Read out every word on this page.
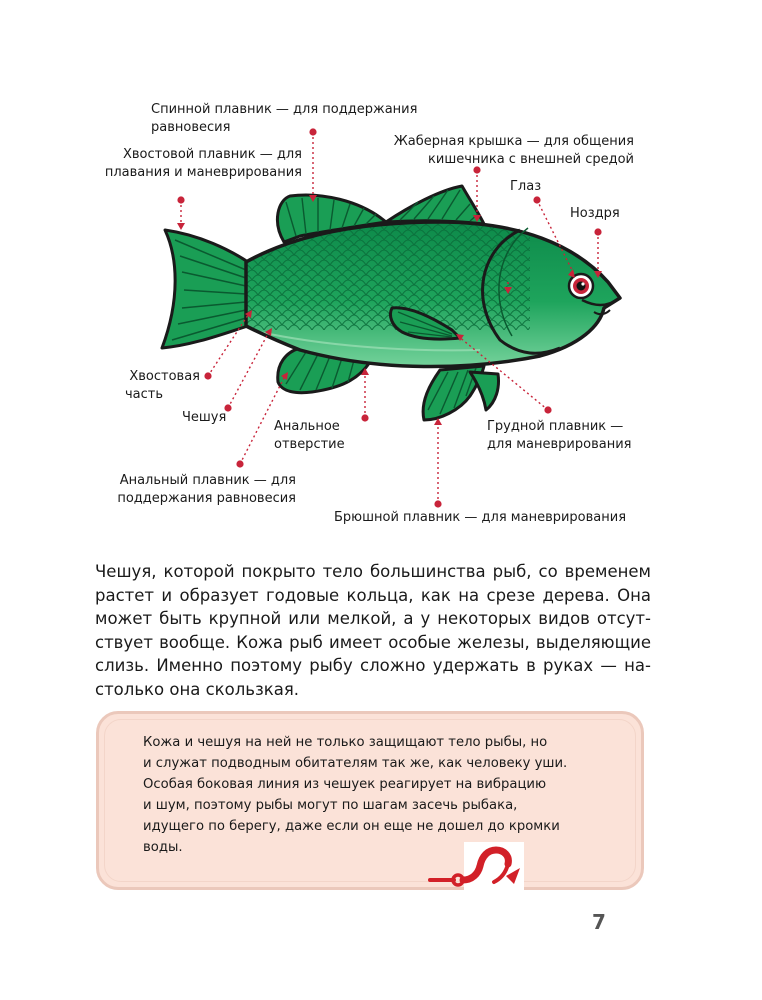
Спинной плавник — для поддержания
равновесия
Хвостовой плавник — для
плавания и маневрирования
Жаберная крышка — для общения
кишечника с внешней средой
Глаз
Ноздря
Хвостовая
часть
Чешуя
Анальное
отверстие
Грудной плавник —
для маневрирования
Анальный плавник — для
поддержания равновесия
Брюшной плавник — для маневрирования
Чешуя, которой покрыто тело большинства рыб, со временем
растет и образует годовые кольца, как на срезе дерева. Она
может быть крупной или мелкой, а у некоторых видов отсут-
ствует вообще. Кожа рыб имеет особые железы, выделяющие
слизь. Именно поэтому рыбу сложно удержать в руках — на-
столько она скользкая.
Кожа и чешуя на ней не только защищают тело рыбы, но
и служат подводным обитателям так же, как человеку уши.
Особая боковая линия из чешуек реагирует на вибрацию
и шум, поэтому рыбы могут по шагам засечь рыбака,
идущего по берегу, даже если он еще не дошел до кромки
воды.
7
